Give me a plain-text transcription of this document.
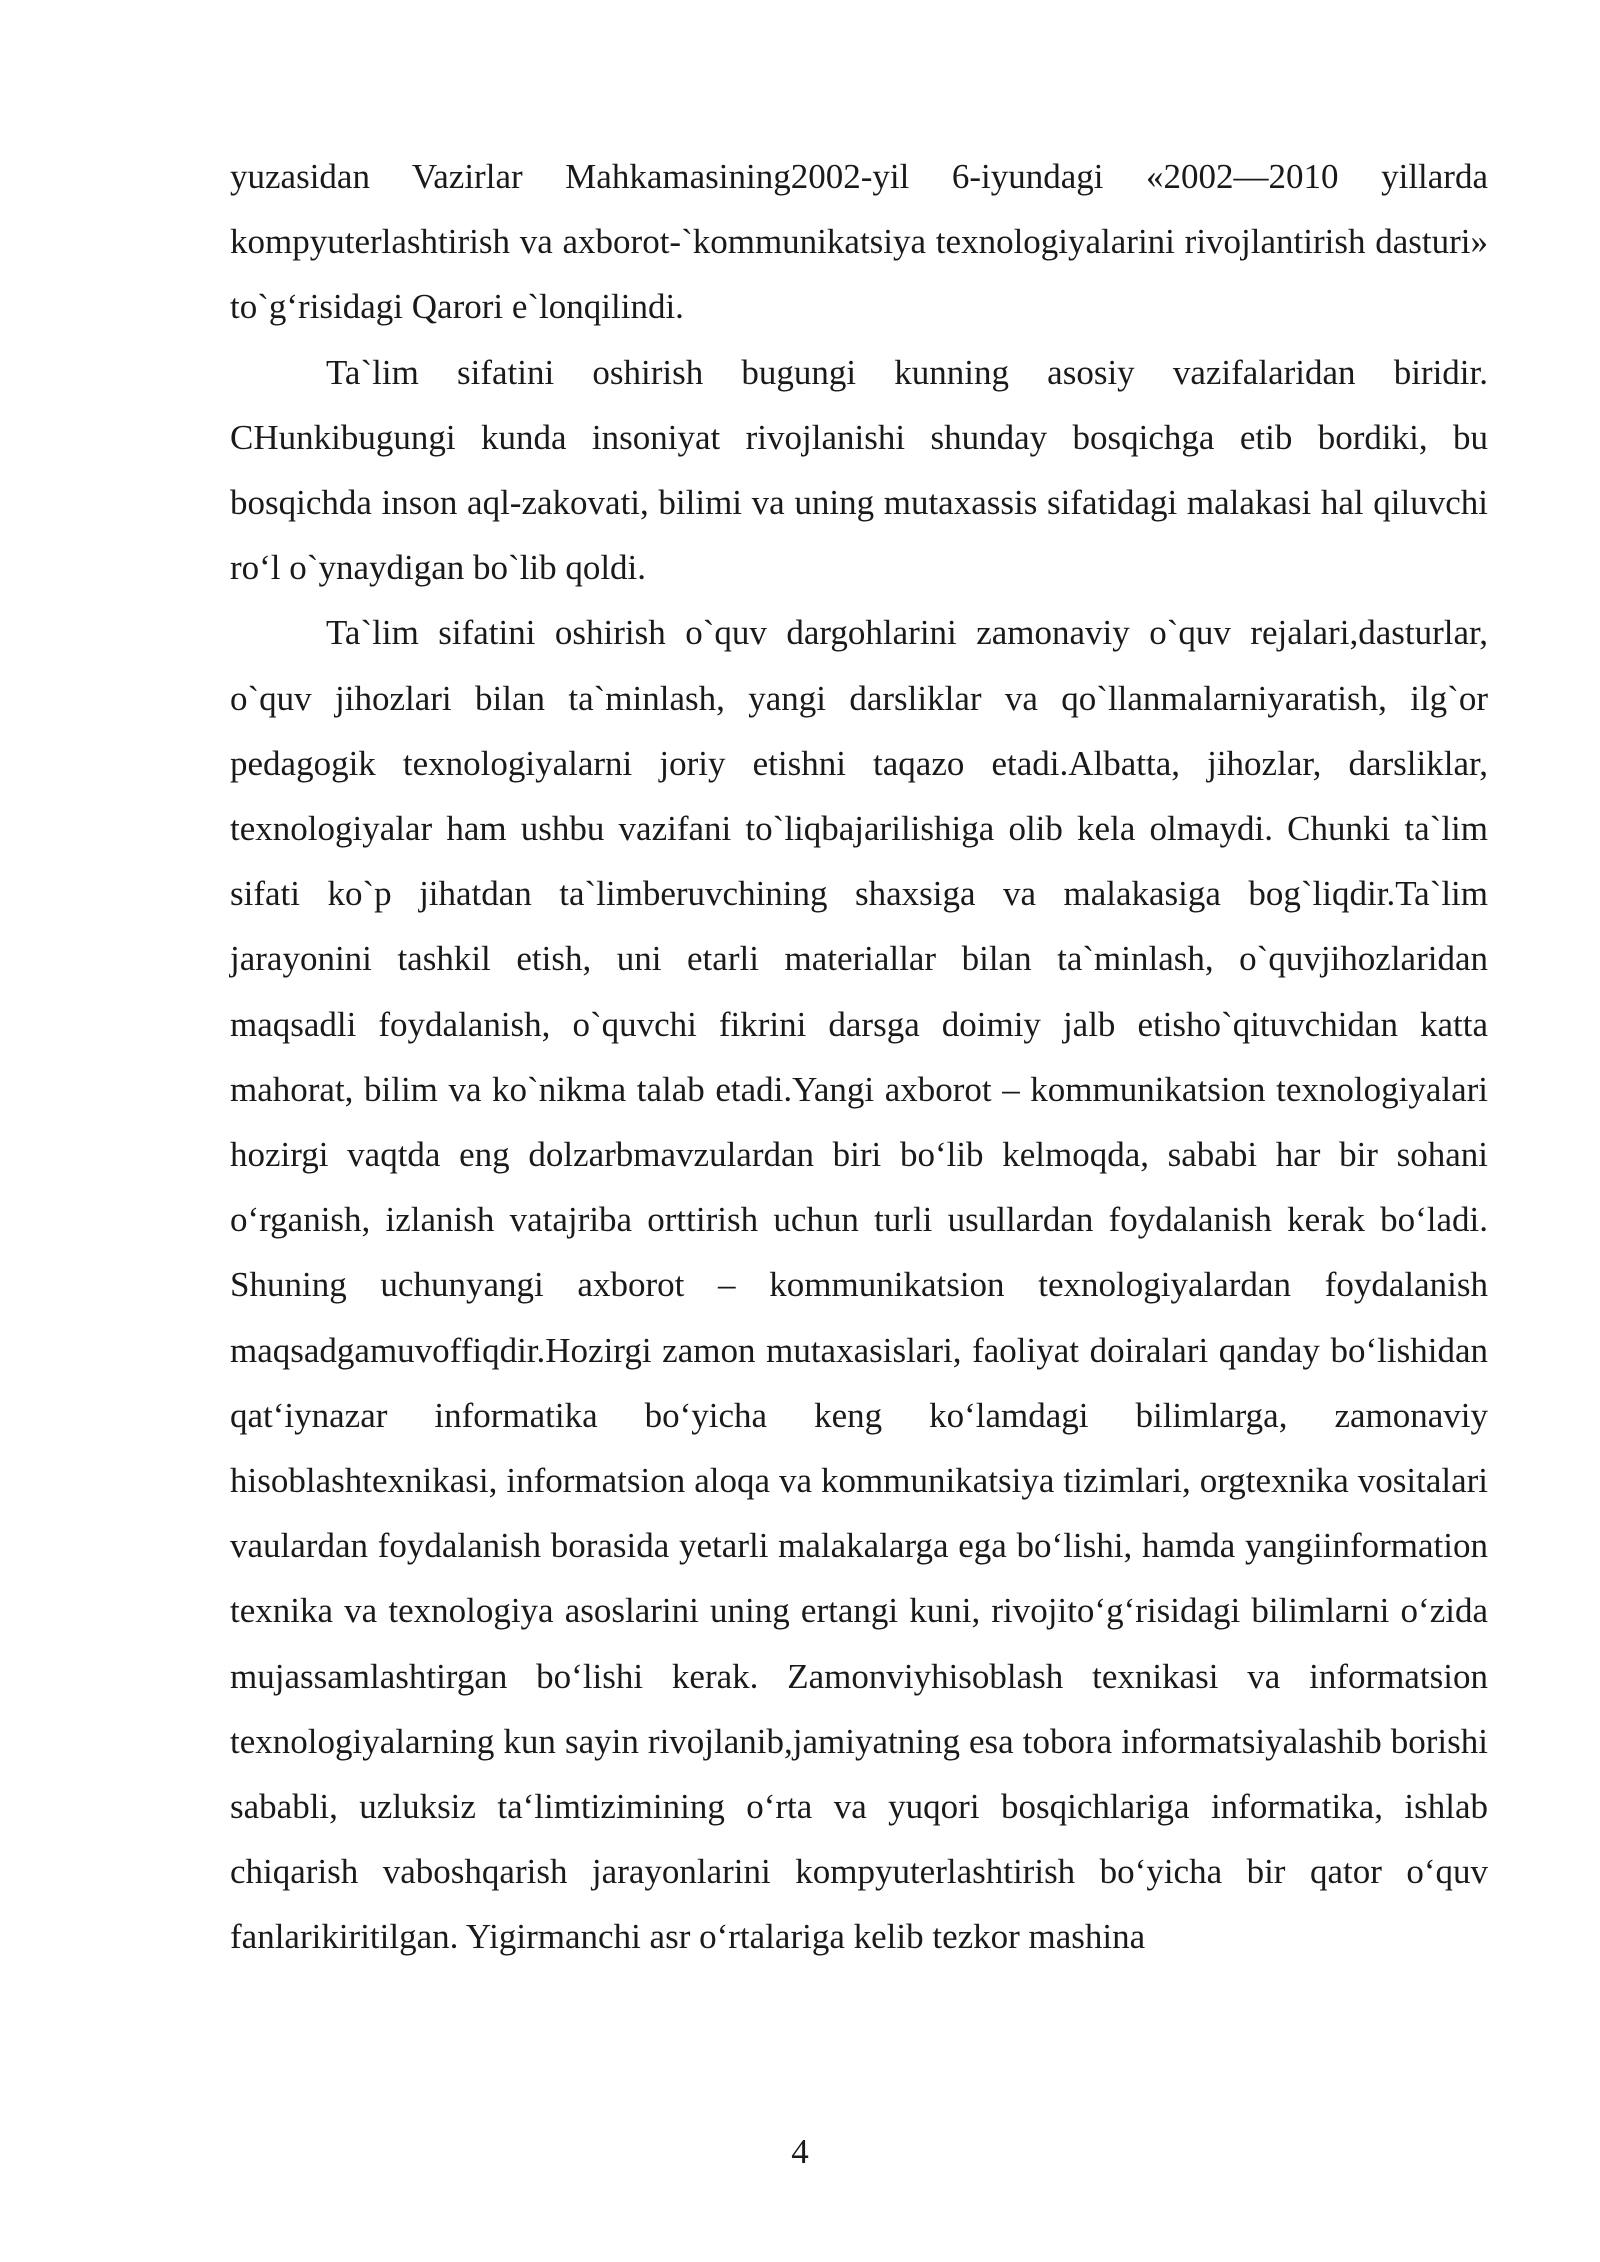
yuzasidan Vazirlar Mahkamasining2002-yil 6-iyundagi «2002—2010 yillarda kompyuterlashtirish va axborot-`kommunikatsiya texnologiyalarini rivojlantirish dasturi» to`g‘risidagi Qarori e`lonqilindi.

Ta`lim sifatini oshirish bugungi kunning asosiy vazifalaridan biridir. CHunkibugungi kunda insoniyat rivojlanishi shunday bosqichga etib bordiki, bu bosqichda inson aql-zakovati, bilimi va uning mutaxassis sifatidagi malakasi hal qiluvchi ro‘l o`ynaydigan bo`lib qoldi.

Ta`lim sifatini oshirish o`quv dargohlarini zamonaviy o`quv rejalari,dasturlar, o`quv jihozlari bilan ta`minlash, yangi darsliklar va qo`llanmalarniyaratish, ilg`or pedagogik texnologiyalarni joriy etishni taqazo etadi.Albatta, jihozlar, darsliklar, texnologiyalar ham ushbu vazifani to`liqbajarilishiga olib kela olmaydi. Chunki ta`lim sifati ko`p jihatdan ta`limberuvchining shaxsiga va malakasiga bog`liqdir.Ta`lim jarayonini tashkil etish, uni etarli materiallar bilan ta`minlash, o`quvjihozlaridan maqsadli foydalanish, o`quvchi fikrini darsga doimiy jalb etisho`qituvchidan katta mahorat, bilim va ko`nikma talab etadi.Yangi axborot – kommunikatsion texnologiyalari hozirgi vaqtda eng dolzarbmavzulardan biri bo‘lib kelmoqda, sababi har bir sohani o‘rganish, izlanish vatajriba orttirish uchun turli usullardan foydalanish kerak bo‘ladi. Shuning uchunyangi axborot – kommunikatsion texnologiyalardan foydalanish maqsadgamuvoffiqdir.Hozirgi zamon mutaxasislari, faoliyat doiralari qanday bo‘lishidan qat‘iynazar informatika bo‘yicha keng ko‘lamdagi bilimlarga, zamonaviy hisoblashtexnikasi, informatsion aloqa va kommunikatsiya tizimlari, orgtexnika vositalari vaulardan foydalanish borasida yetarli malakalarga ega bo‘lishi, hamda yangiinformation texnika va texnologiya asoslarini uning ertangi kuni, rivojito‘g‘risidagi bilimlarni o‘zida mujassamlashtirgan bo‘lishi kerak. Zamonviyhisoblash texnikasi va informatsion texnologiyalarning kun sayin rivojlanib,jamiyatning esa tobora informatsiyalashib borishi sababli, uzluksiz ta‘limtizimining o‘rta va yuqori bosqichlariga informatika, ishlab chiqarish vaboshqarish jarayonlarini kompyuterlashtirish bo‘yicha bir qator o‘quv fanlarikiritilgan. Yigirmanchi asr o‘rtalariga kelib tezkor mashina

4
